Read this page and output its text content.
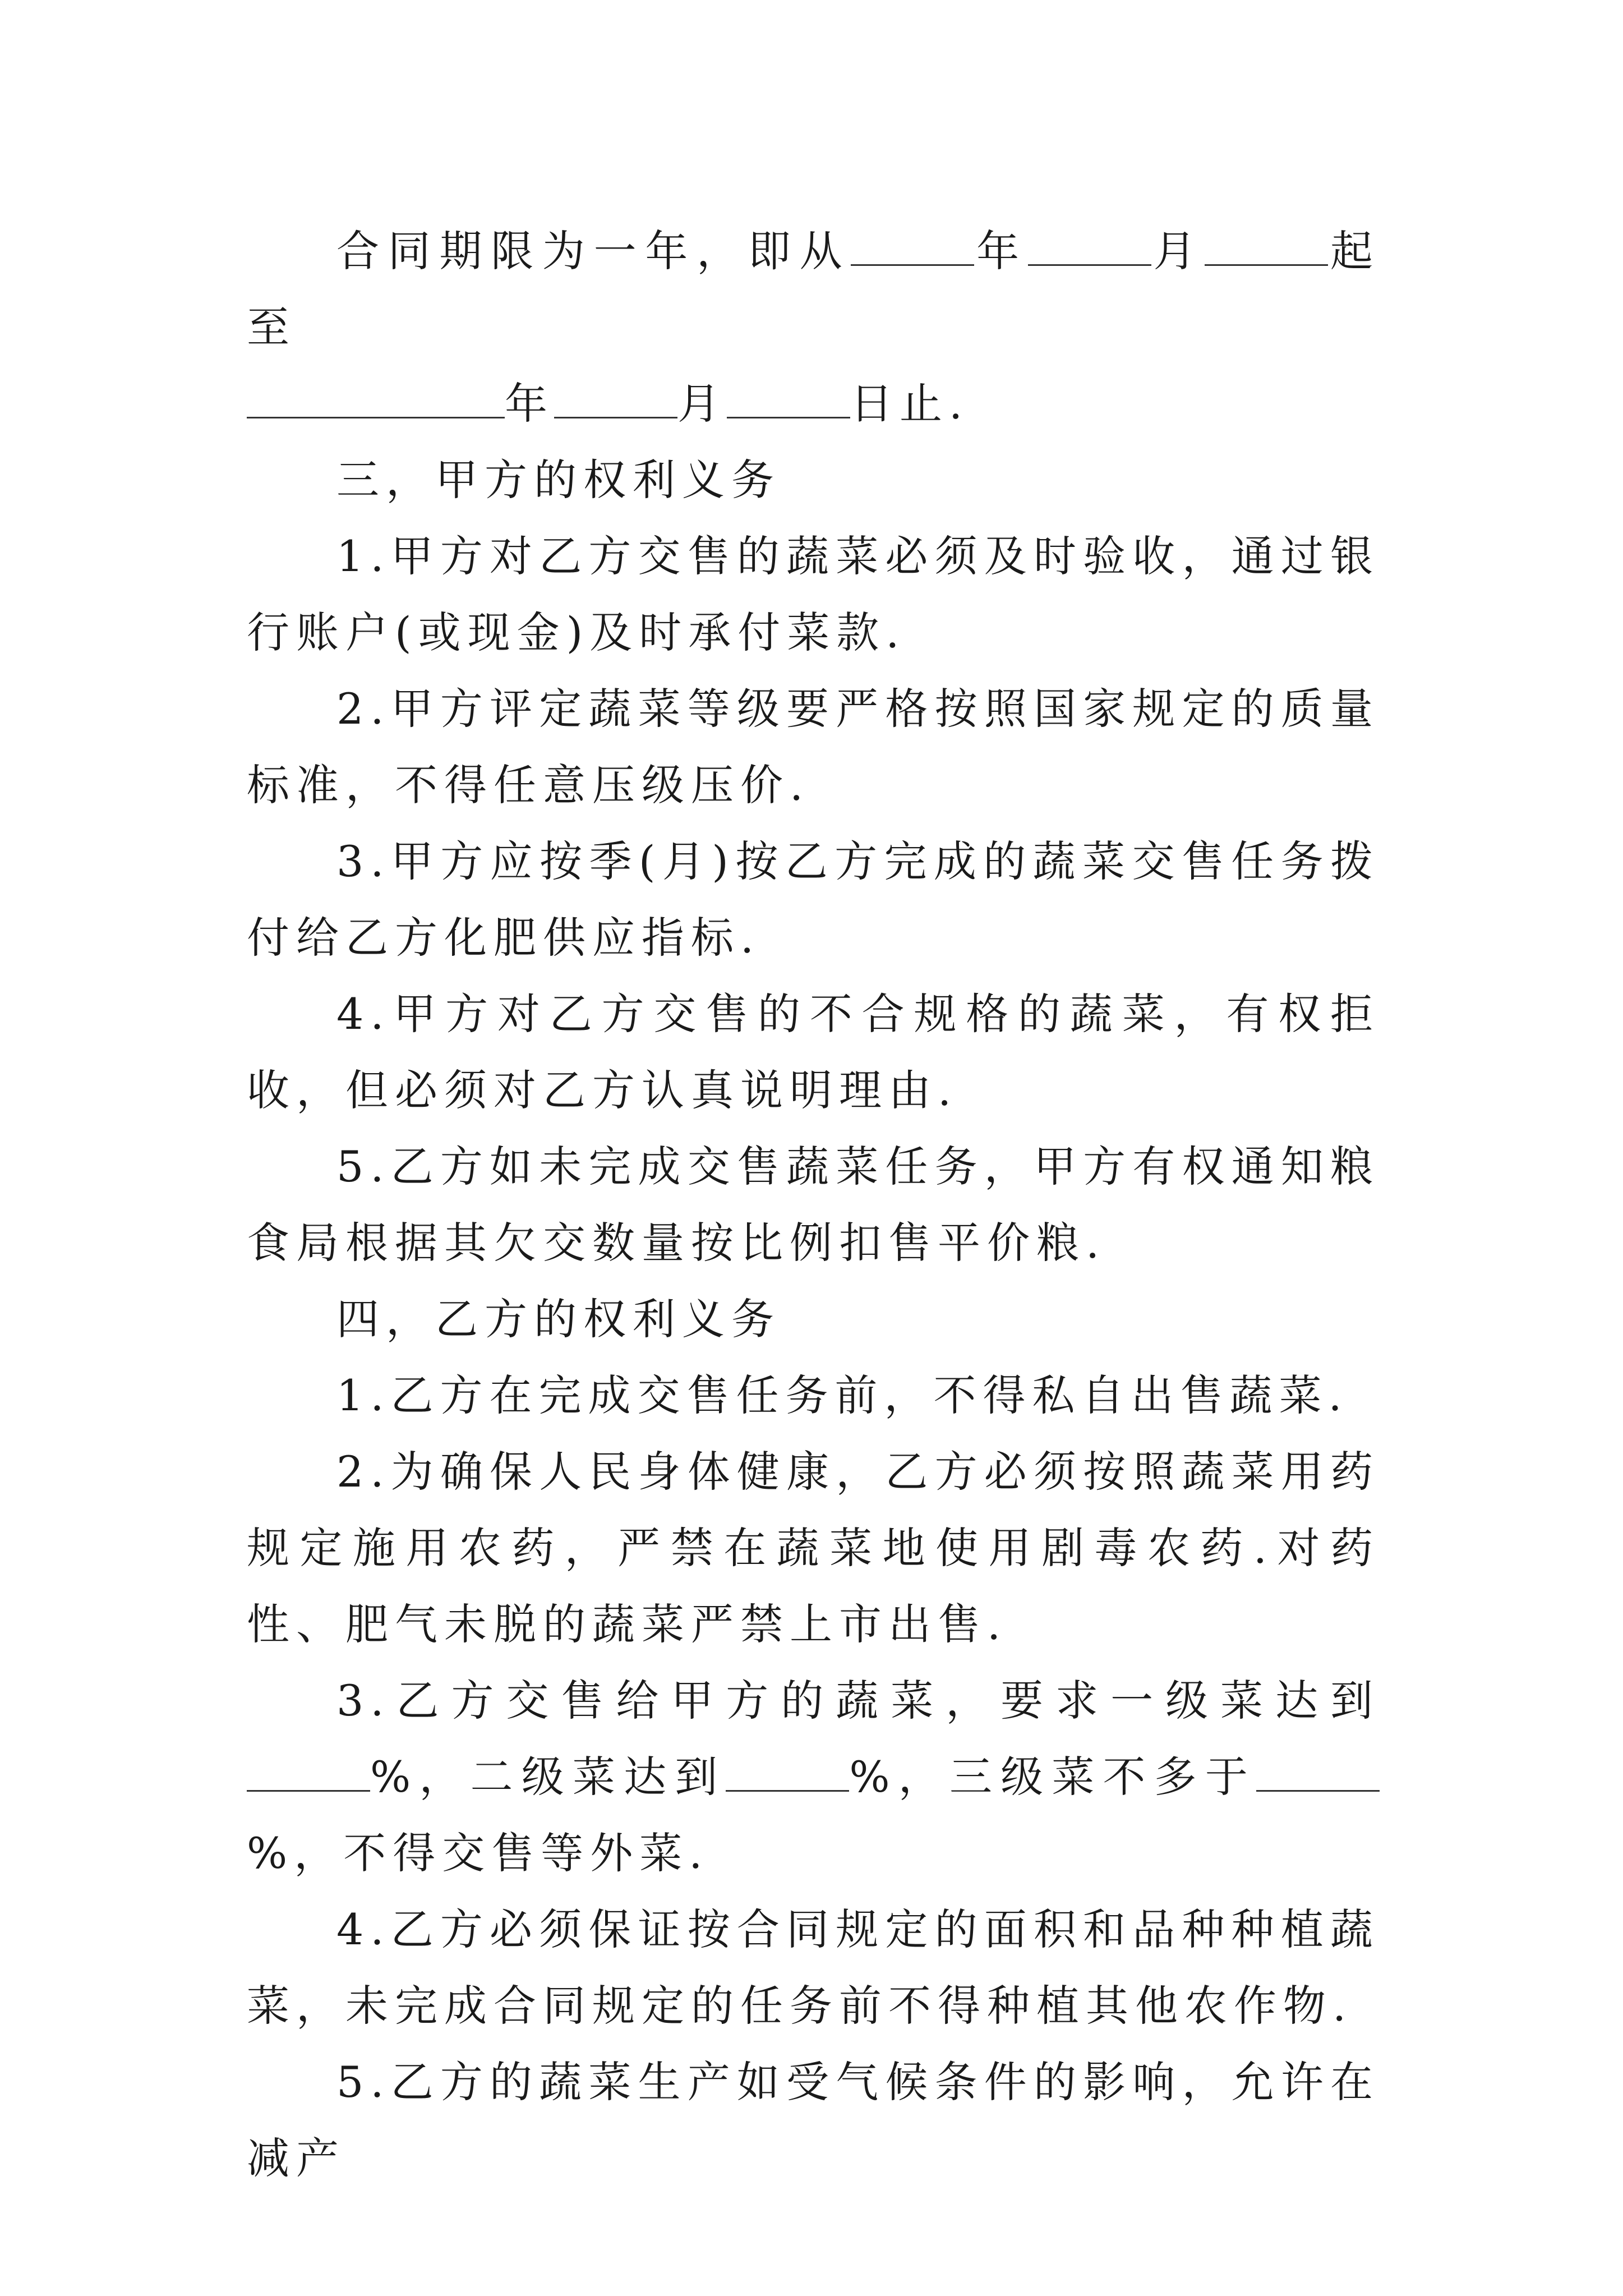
合同期限为一年，即从	年	月	起至
年	月	日止.

三，甲方的权利义务

1.甲方对乙方交售的蔬菜必须及时验收，通过银行账户(或现金)及时承付菜款.

2.甲方评定蔬菜等级要严格按照国家规定的质量标准，不得任意压级压价.

3.甲方应按季(月)按乙方完成的蔬菜交售任务拨付给乙方化肥供应指标.

4.甲方对乙方交售的不合规格的蔬菜，有权拒收，但必须对乙方认真说明理由.

5.乙方如未完成交售蔬菜任务，甲方有权通知粮食局根据其欠交数量按比例扣售平价粮.

四，乙方的权利义务

1.乙方在完成交售任务前，不得私自出售蔬菜.

2.为确保人民身体健康，乙方必须按照蔬菜用药规定施用农药，严禁在蔬菜地使用剧毒农药.对药性、肥气未脱的蔬菜严禁上市出售.

3.乙方交售给甲方的蔬菜，要求一级菜达到%，二级菜达到	%，三级菜不多于%，不得交售等外菜.

4.乙方必须保证按合同规定的面积和品种种植蔬菜，未完成合同规定的任务前不得种植其他农作物.

5.乙方的蔬菜生产如受气候条件的影响，允许在减产
